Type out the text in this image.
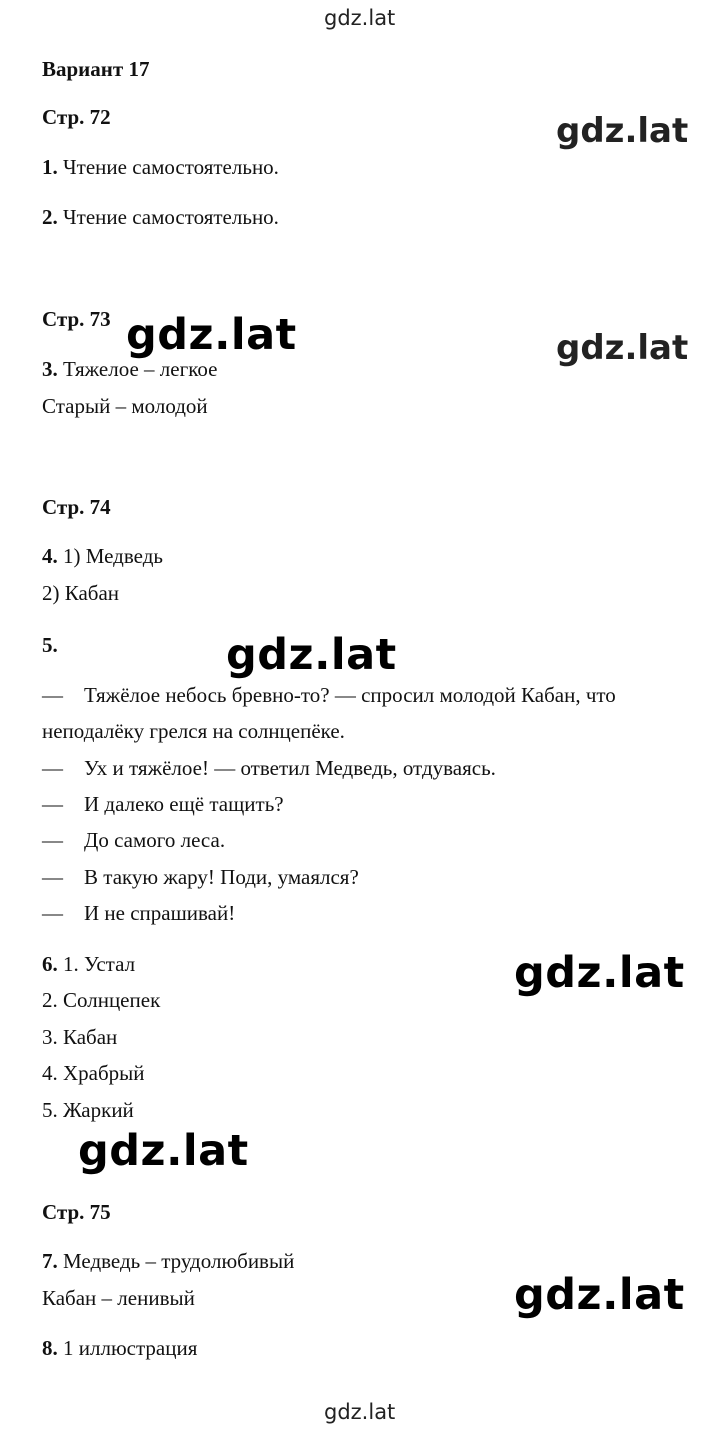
gdz.lat
Вариант 17
Стр. 72	gdz.lat
1. Чтение самостоятельно.
2. Чтение самостоятельно.
Стр. 73 gdz.lat	gdz.lat
3. Тяжелое – легкое
Старый – молодой
Стр. 74
4. 1) Медведь
2) Кабан
5.	gdz.lat
— Тяжёлое небось бревно-то? — спросил молодой Кабан, что
неподалёку грелся на солнцепёке.
— Ух и тяжёлое! — ответил Медведь, отдуваясь.
— И далеко ещё тащить?
— До самого леса.
— В такую жару! Поди, умаялся?
— И не спрашивай!
6. 1. Устал	gdz.lat
2. Солнцепек
3. Кабан
4. Храбрый
5. Жаркий
gdz.lat
Стр. 75
7. Медведь – трудолюбивый
Кабан – ленивый	gdz.lat
8. 1 иллюстрация
gdz.lat
